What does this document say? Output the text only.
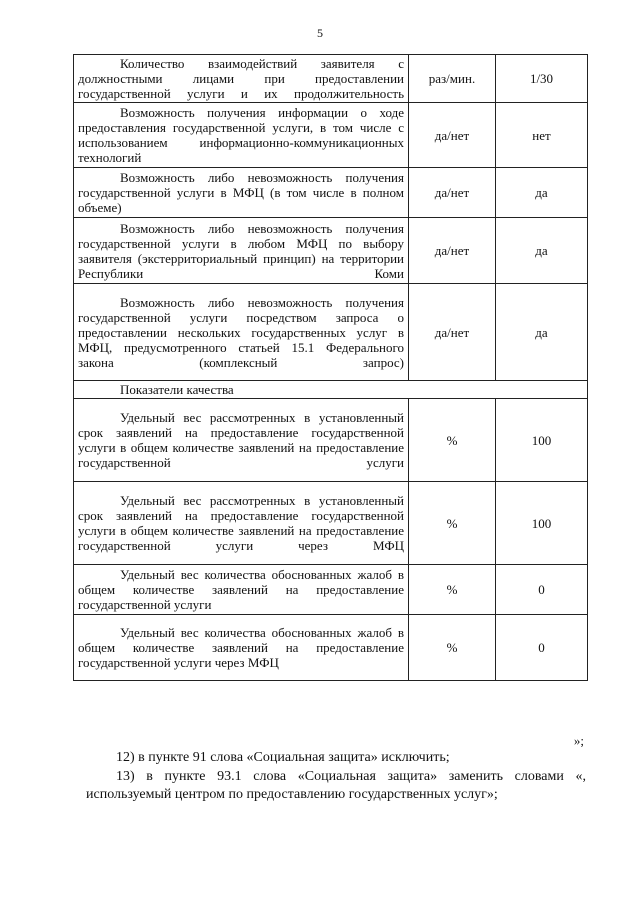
5
Количество взаимодействий заявителя с должностными лицами при предоставлении государственной услуги и их продолжительность	раз/мин.	1/30
Возможность получения информации о ходе предоставления государственной услуги, в том числе с использованием информационно-коммуникационных технологий	да/нет	нет
Возможность либо невозможность получения государственной услуги в МФЦ (в том числе в полном объеме)	да/нет	да
Возможность либо невозможность получения государственной услуги в любом МФЦ по выбору заявителя (экстерриториальный принцип) на территории Республики Коми	да/нет	да
Возможность либо невозможность получения государственной услуги посредством запроса о предоставлении нескольких государственных услуг в МФЦ, предусмотренного статьей 15.1 Федерального закона (комплексный запрос)	да/нет	да
Показатели качества		
Удельный вес рассмотренных в установленный срок заявлений на предоставление государственной услуги в общем количестве заявлений на предоставление государственной услуги	%	100
Удельный вес рассмотренных в установленный срок заявлений на предоставление государственной услуги в общем количестве заявлений на предоставление государственной услуги через МФЦ	%	100
Удельный вес количества обоснованных жалоб в общем количестве заявлений на предоставление государственной услуги	%	0
Удельный вес количества обоснованных жалоб в общем количестве заявлений на предоставление государственной услуги через МФЦ	%	0
»;
12) в пункте 91 слова «Социальная защита» исключить;
13) в пункте 93.1 слова «Социальная защита» заменить словами «, используемый центром по предоставлению государственных услуг»;
